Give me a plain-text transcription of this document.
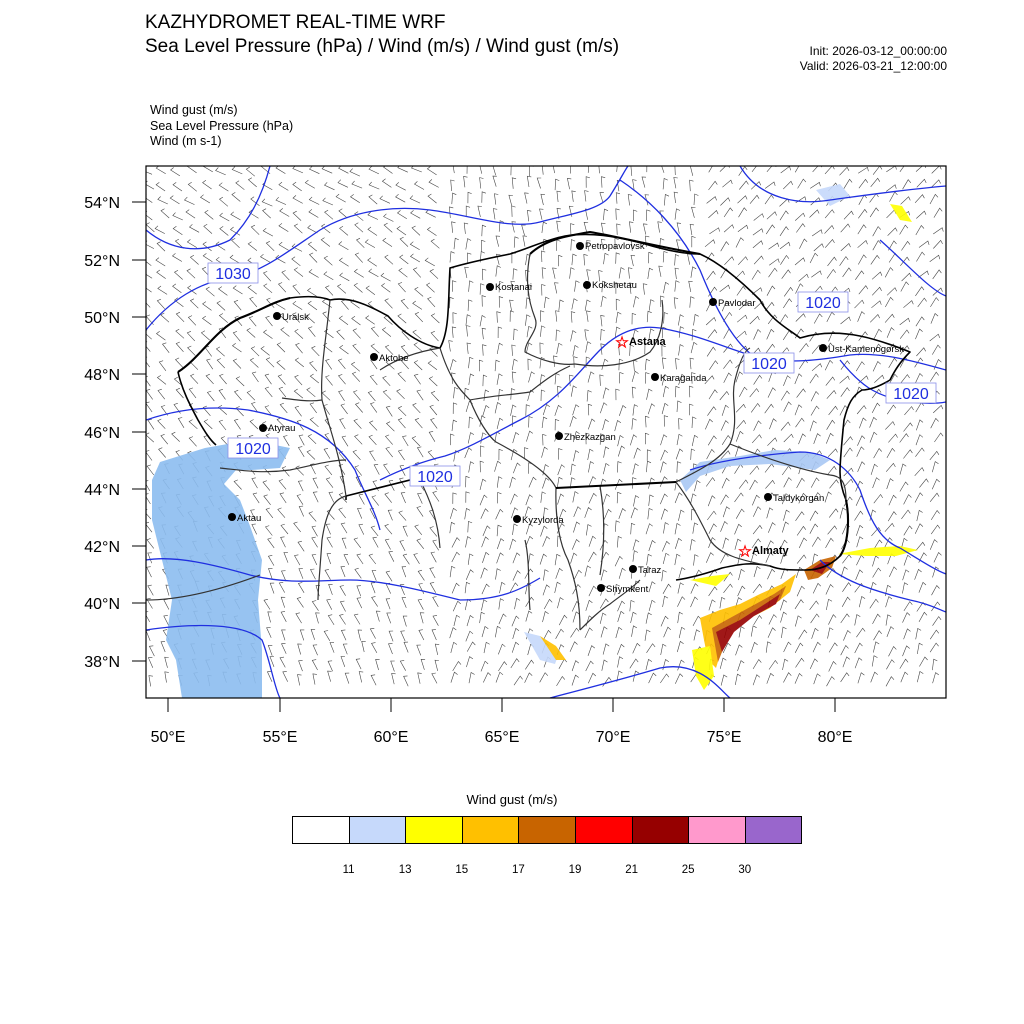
KAZHYDROMET REAL-TIME WRF
Sea Level Pressure (hPa) / Wind (m/s) / Wind gust (m/s)	Init: 2026-03-12_00:00:00
Valid: 2026-03-21_12:00:00
Wind gust (m/s)
Sea Level Pressure (hPa)
Wind (m s-1)
54°N
52°N
50°N
48°N
46°N
44°N
42°N
40°N
38°N
50°E	55°E	60°E	65°E	70°E	75°E	80°E
1030
1020
1020
1020
1020
1020
Petropavlovsk
Kostanai	Kokshetau
Pavlodar
Uralsk
★ Astana
Ust-Kamenogorsk
Aktobe
Karaganda
Atyrau
Zhezkazgan
Taldykorgan
Aktau	Kyzylorda
★ Almaty
Taraz
Shymkent
Wind gust (m/s)
11	13	15	17	19	21	25	30
